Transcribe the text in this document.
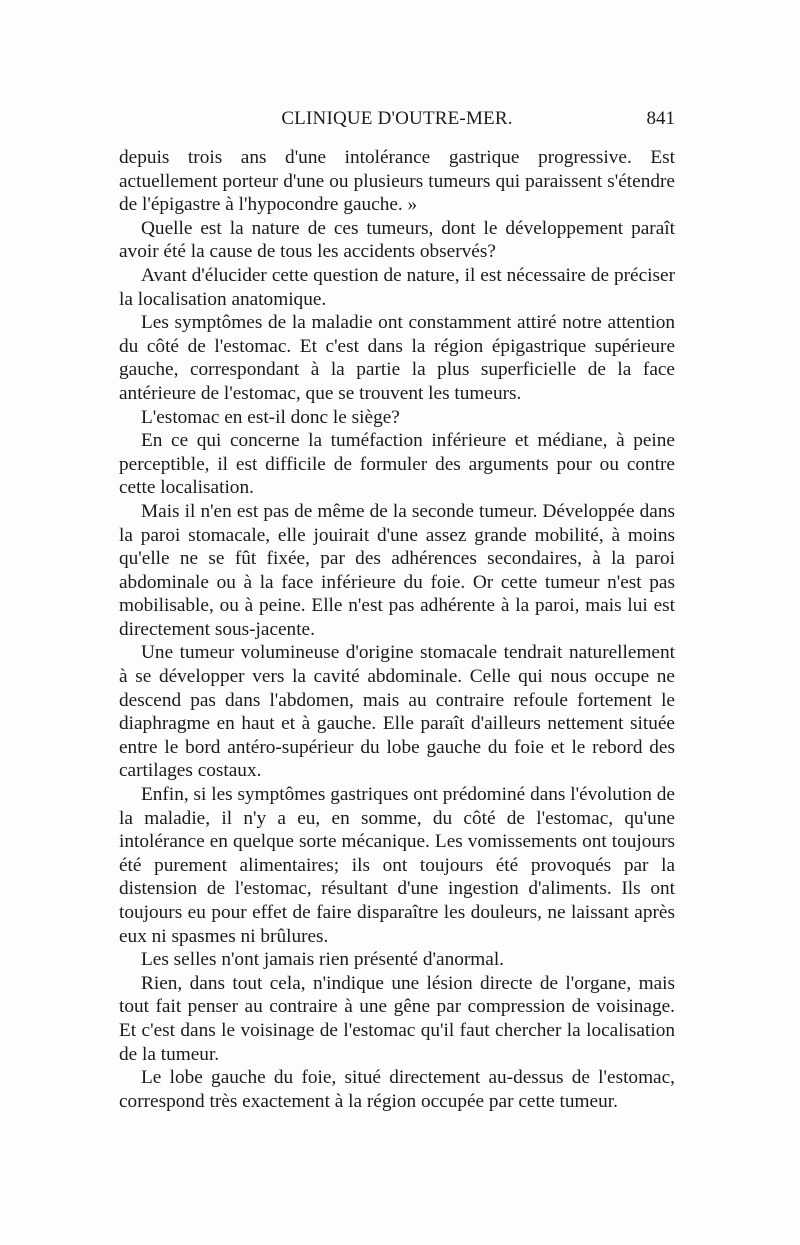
CLINIQUE D'OUTRE-MER.	841

depuis trois ans d'une intolérance gastrique progressive. Est actuellement porteur d'une ou plusieurs tumeurs qui paraissent s'étendre de l'épigastre à l'hypocondre gauche. »

Quelle est la nature de ces tumeurs, dont le développement paraît avoir été la cause de tous les accidents observés?

Avant d'élucider cette question de nature, il est nécessaire de préciser la localisation anatomique.

Les symptômes de la maladie ont constamment attiré notre attention du côté de l'estomac. Et c'est dans la région épigastrique supérieure gauche, correspondant à la partie la plus superficielle de la face antérieure de l'estomac, que se trouvent les tumeurs.

L'estomac en est-il donc le siège?

En ce qui concerne la tuméfaction inférieure et médiane, à peine perceptible, il est difficile de formuler des arguments pour ou contre cette localisation.

Mais il n'en est pas de même de la seconde tumeur. Développée dans la paroi stomacale, elle jouirait d'une assez grande mobilité, à moins qu'elle ne se fût fixée, par des adhérences secondaires, à la paroi abdominale ou à la face inférieure du foie. Or cette tumeur n'est pas mobilisable, ou à peine. Elle n'est pas adhérente à la paroi, mais lui est directement sous-jacente.

Une tumeur volumineuse d'origine stomacale tendrait naturellement à se développer vers la cavité abdominale. Celle qui nous occupe ne descend pas dans l'abdomen, mais au contraire refoule fortement le diaphragme en haut et à gauche. Elle paraît d'ailleurs nettement située entre le bord antéro-supérieur du lobe gauche du foie et le rebord des cartilages costaux.

Enfin, si les symptômes gastriques ont prédominé dans l'évolution de la maladie, il n'y a eu, en somme, du côté de l'estomac, qu'une intolérance en quelque sorte mécanique. Les vomissements ont toujours été purement alimentaires; ils ont toujours été provoqués par la distension de l'estomac, résultant d'une ingestion d'aliments. Ils ont toujours eu pour effet de faire disparaître les douleurs, ne laissant après eux ni spasmes ni brûlures.

Les selles n'ont jamais rien présenté d'anormal.

Rien, dans tout cela, n'indique une lésion directe de l'organe, mais tout fait penser au contraire à une gêne par compression de voisinage. Et c'est dans le voisinage de l'estomac qu'il faut chercher la localisation de la tumeur.

Le lobe gauche du foie, situé directement au-dessus de l'estomac, correspond très exactement à la région occupée par cette tumeur.
